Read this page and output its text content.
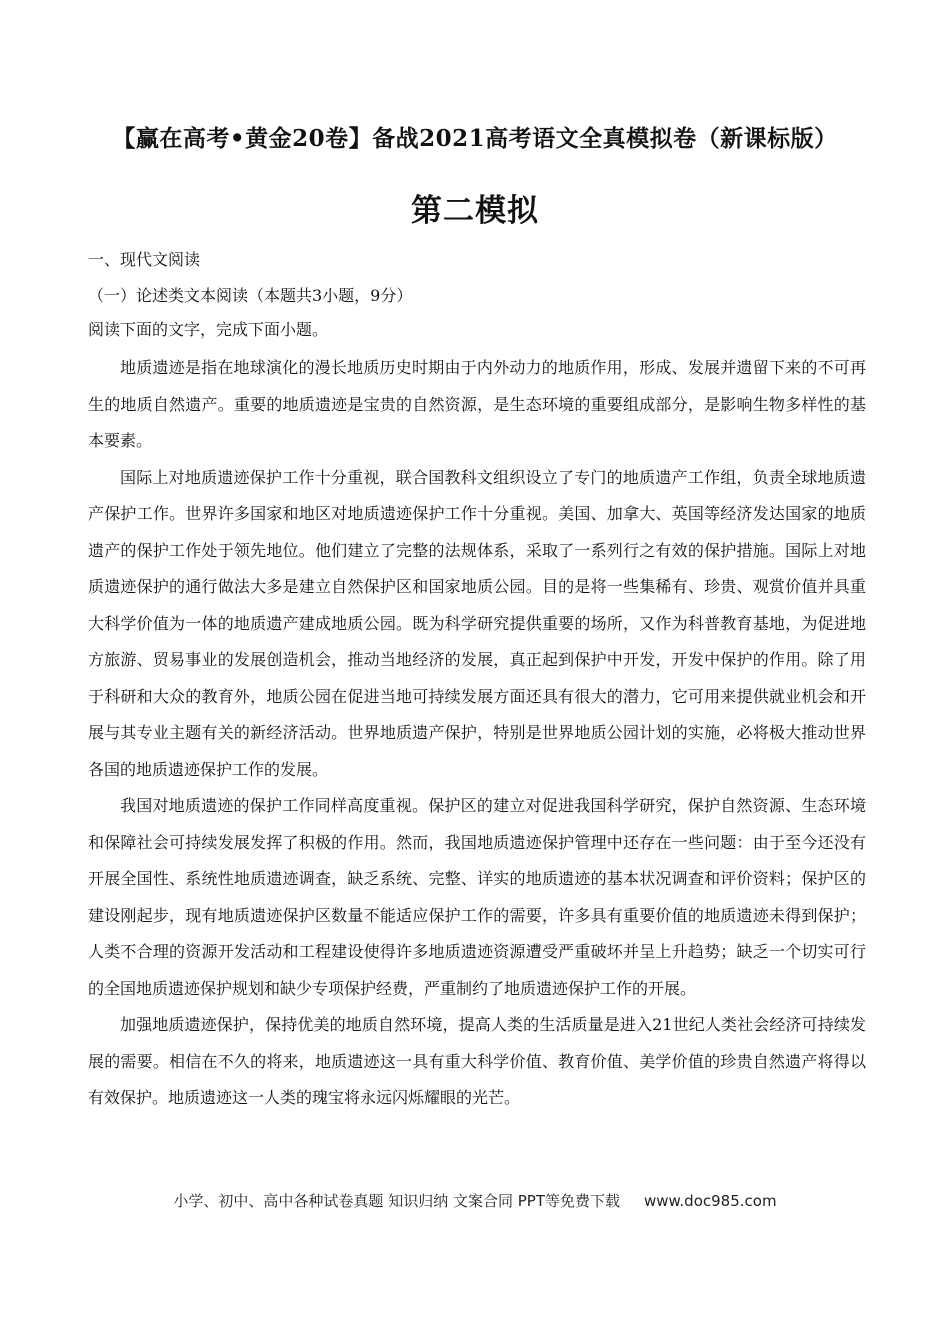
【赢在高考•黄金20卷】备战2021高考语文全真模拟卷（新课标版）
第二模拟
一、现代文阅读
（一）论述类文本阅读（本题共3小题，9分）
阅读下面的文字，完成下面小题。

地质遗迹是指在地球演化的漫长地质历史时期由于内外动力的地质作用，形成、发展并遗留下来的不可再生的地质自然遗产。重要的地质遗迹是宝贵的自然资源，是生态环境的重要组成部分，是影响生物多样性的基本要素。

国际上对地质遗迹保护工作十分重视，联合国教科文组织设立了专门的地质遗产工作组，负责全球地质遗产保护工作。世界许多国家和地区对地质遗迹保护工作十分重视。美国、加拿大、英国等经济发达国家的地质遗产的保护工作处于领先地位。他们建立了完整的法规体系，采取了一系列行之有效的保护措施。国际上对地质遗迹保护的通行做法大多是建立自然保护区和国家地质公园。目的是将一些集稀有、珍贵、观赏价值并具重大科学价值为一体的地质遗产建成地质公园。既为科学研究提供重要的场所，又作为科普教育基地，为促进地方旅游、贸易事业的发展创造机会，推动当地经济的发展，真正起到保护中开发，开发中保护的作用。除了用于科研和大众的教育外，地质公园在促进当地可持续发展方面还具有很大的潜力，它可用来提供就业机会和开展与其专业主题有关的新经济活动。世界地质遗产保护，特别是世界地质公园计划的实施，必将极大推动世界各国的地质遗迹保护工作的发展。

我国对地质遗迹的保护工作同样高度重视。保护区的建立对促进我国科学研究，保护自然资源、生态环境和保障社会可持续发展发挥了积极的作用。然而，我国地质遗迹保护管理中还存在一些问题：由于至今还没有开展全国性、系统性地质遗迹调查，缺乏系统、完整、详实的地质遗迹的基本状况调查和评价资料；保护区的建设刚起步，现有地质遗迹保护区数量不能适应保护工作的需要，许多具有重要价值的地质遗迹未得到保护；人类不合理的资源开发活动和工程建设使得许多地质遗迹资源遭受严重破坏并呈上升趋势；缺乏一个切实可行的全国地质遗迹保护规划和缺少专项保护经费，严重制约了地质遗迹保护工作的开展。

加强地质遗迹保护，保持优美的地质自然环境，提高人类的生活质量是进入21世纪人类社会经济可持续发展的需要。相信在不久的将来，地质遗迹这一具有重大科学价值、教育价值、美学价值的珍贵自然遗产将得以有效保护。地质遗迹这一人类的瑰宝将永远闪烁耀眼的光芒。

小学、初中、高中各种试卷真题 知识归纳 文案合同 PPT等免费下载 www.doc985.com
